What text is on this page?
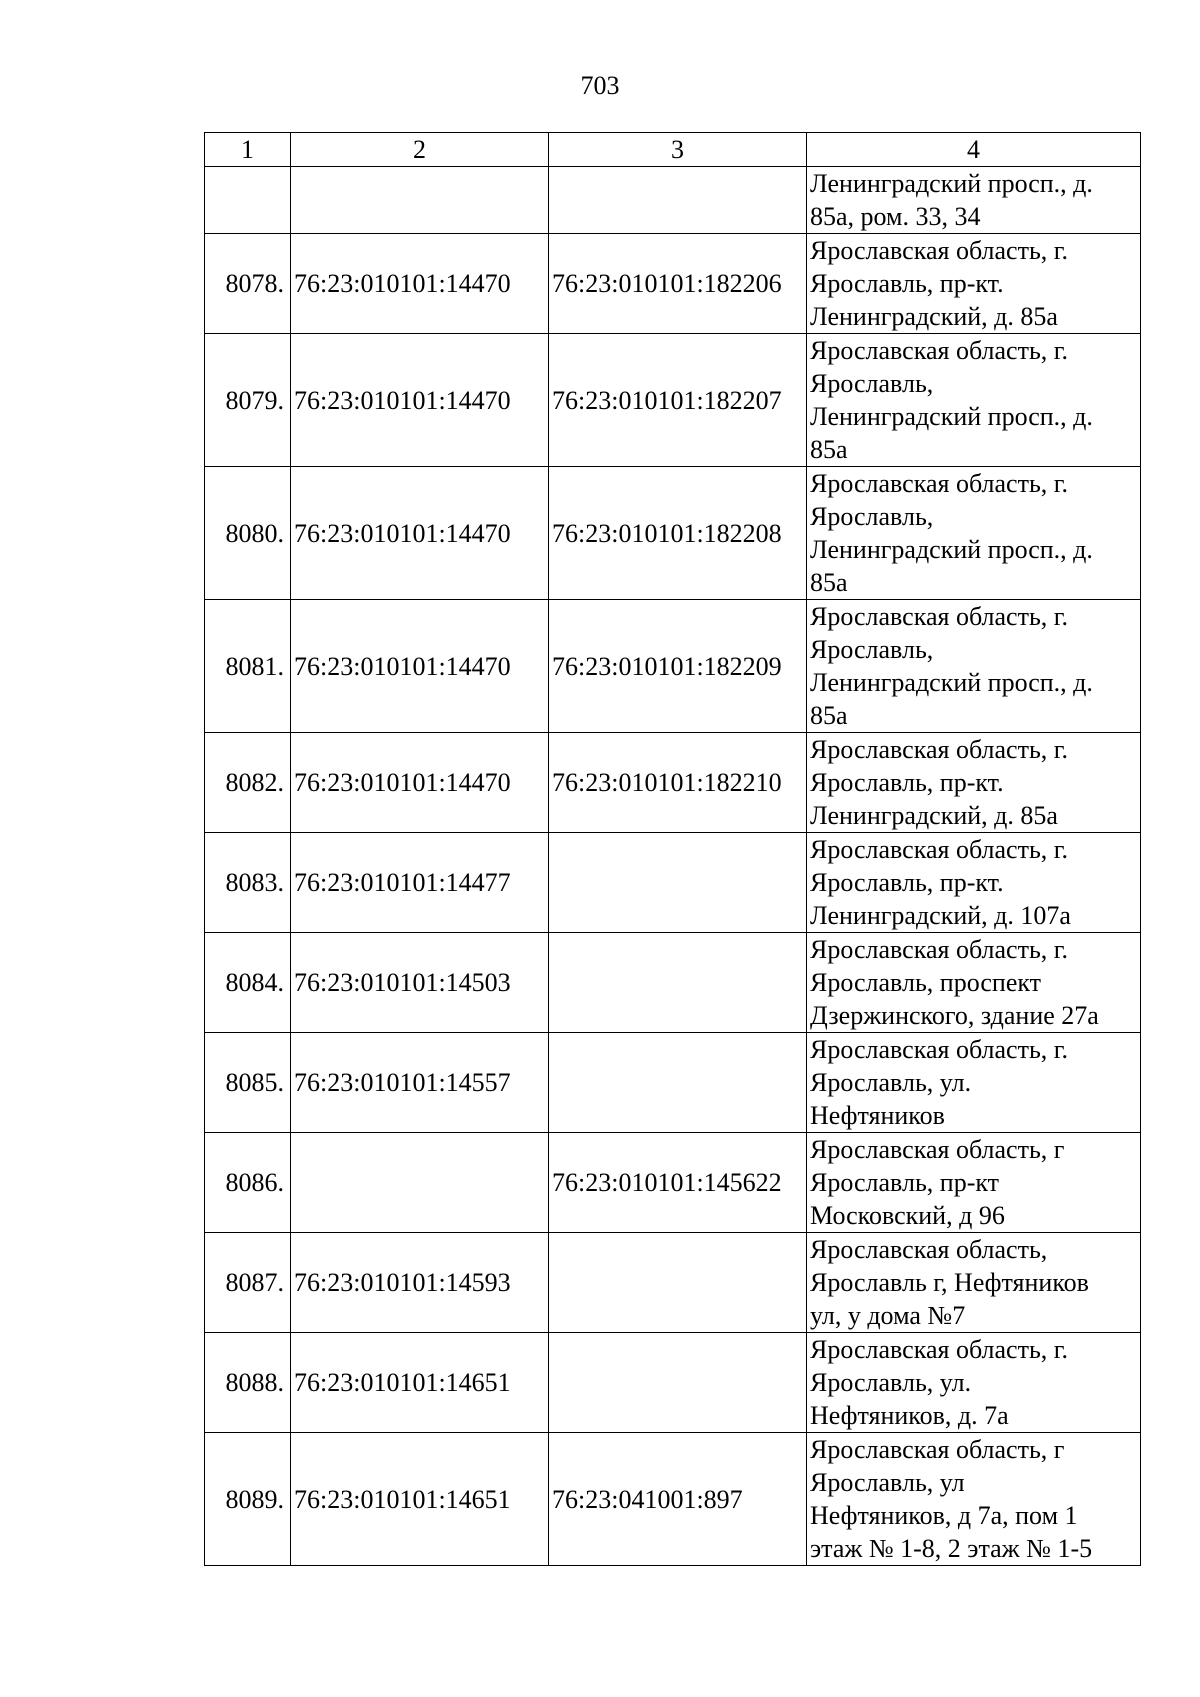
703
1	2	3	4
			Ленинградский просп., д.
85а, ром. 33, 34
8078.	76:23:010101:14470	76:23:010101:182206	Ярославская область, г.
Ярославль, пр-кт.
Ленинградский, д. 85а
8079.	76:23:010101:14470	76:23:010101:182207	Ярославская область, г.
Ярославль,
Ленинградский просп., д.
85а
8080.	76:23:010101:14470	76:23:010101:182208	Ярославская область, г.
Ярославль,
Ленинградский просп., д.
85а
8081.	76:23:010101:14470	76:23:010101:182209	Ярославская область, г.
Ярославль,
Ленинградский просп., д.
85а
8082.	76:23:010101:14470	76:23:010101:182210	Ярославская область, г.
Ярославль, пр-кт.
Ленинградский, д. 85а
8083.	76:23:010101:14477		Ярославская область, г.
Ярославль, пр-кт.
Ленинградский, д. 107а
8084.	76:23:010101:14503		Ярославская область, г.
Ярославль, проспект
Дзержинского, здание 27а
8085.	76:23:010101:14557		Ярославская область, г.
Ярославль, ул.
Нефтяников
8086.		76:23:010101:145622	Ярославская область, г
Ярославль, пр-кт
Московский, д 96
8087.	76:23:010101:14593		Ярославская область,
Ярославль г, Нефтяников
ул, у дома №7
8088.	76:23:010101:14651		Ярославская область, г.
Ярославль, ул.
Нефтяников, д. 7а
8089.	76:23:010101:14651	76:23:041001:897	Ярославская область, г
Ярославль, ул
Нефтяников, д 7а, пом 1
этаж № 1-8, 2 этаж № 1-5
